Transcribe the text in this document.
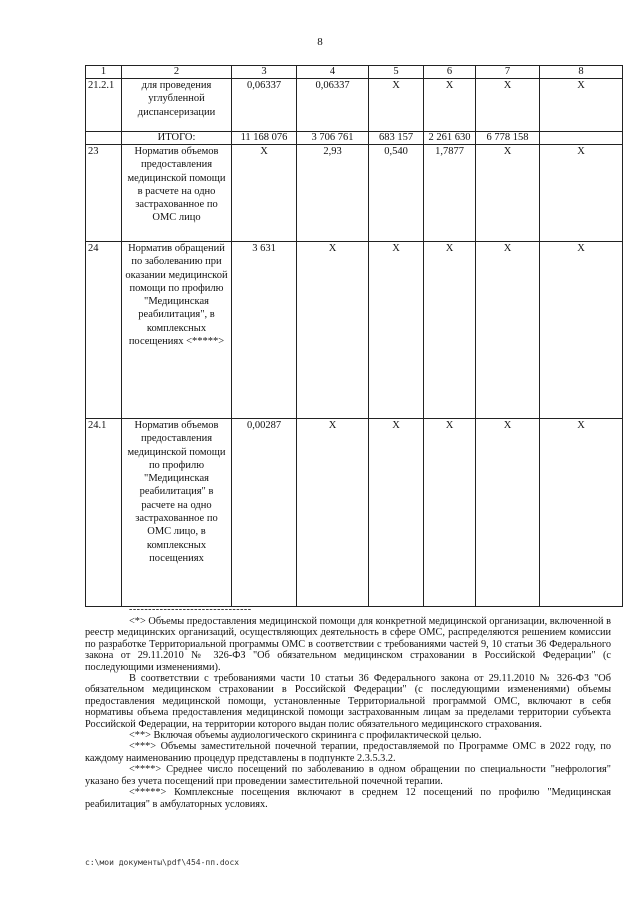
8
1	2	3	4	5	6	7	8
21.2.1	для проведения углубленной диспансеризации	0,06337	0,06337	X	X	X	X
	ИТОГО:	11 168 076	3 706 761	683 157	2 261 630	6 778 158	
23	Норматив объемов предоставления медицинской помощи в расчете на одно застрахованное по ОМС лицо	X	2,93	0,540	1,7877	X	X
24	Норматив обращений по заболеванию при оказании медицинской помощи по профилю "Медицинская реабилитация", в комплексных посещениях <*****>	3 631	X	X	X	X	X
24.1	Норматив объемов предоставления медицинской помощи по профилю "Медицинская реабилитация" в расчете на одно застрахованное по ОМС лицо, в комплексных посещениях	0,00287	X	X	X	X	X
--------------------------------

<*> Объемы предоставления медицинской помощи для конкретной медицинской организации, включенной в реестр медицинских организаций, осуществляющих деятельность в сфере ОМС, распределяются решением комиссии по разработке Территориальной программы ОМС в соответствии с требованиями частей 9, 10 статьи 36 Федерального закона от 29.11.2010 № 326-ФЗ "Об обязательном медицинском страховании в Российской Федерации" (с последующими изменениями).

В соответствии с требованиями части 10 статьи 36 Федерального закона от 29.11.2010 № 326-ФЗ "Об обязательном медицинском страховании в Российской Федерации" (с последующими изменениями) объемы предоставления медицинской помощи, установленные Территориальной программой ОМС, включают в себя нормативы объема предоставления медицинской помощи застрахованным лицам за пределами территории субъекта Российской Федерации, на территории которого выдан полис обязательного медицинского страхования.

<**> Включая объемы аудиологического скрининга с профилактической целью.

<***> Объемы заместительной почечной терапии, предоставляемой по Программе ОМС в 2022 году, по каждому наименованию процедур представлены в подпункте 2.3.5.3.2.

<****> Среднее число посещений по заболеванию в одном обращении по специальности "нефрология" указано без учета посещений при проведении заместительной почечной терапии.

<*****> Комплексные посещения включают в среднем 12 посещений по профилю "Медицинская реабилитация" в амбулаторных условиях.

c:\мои документы\pdf\454-пп.docx
